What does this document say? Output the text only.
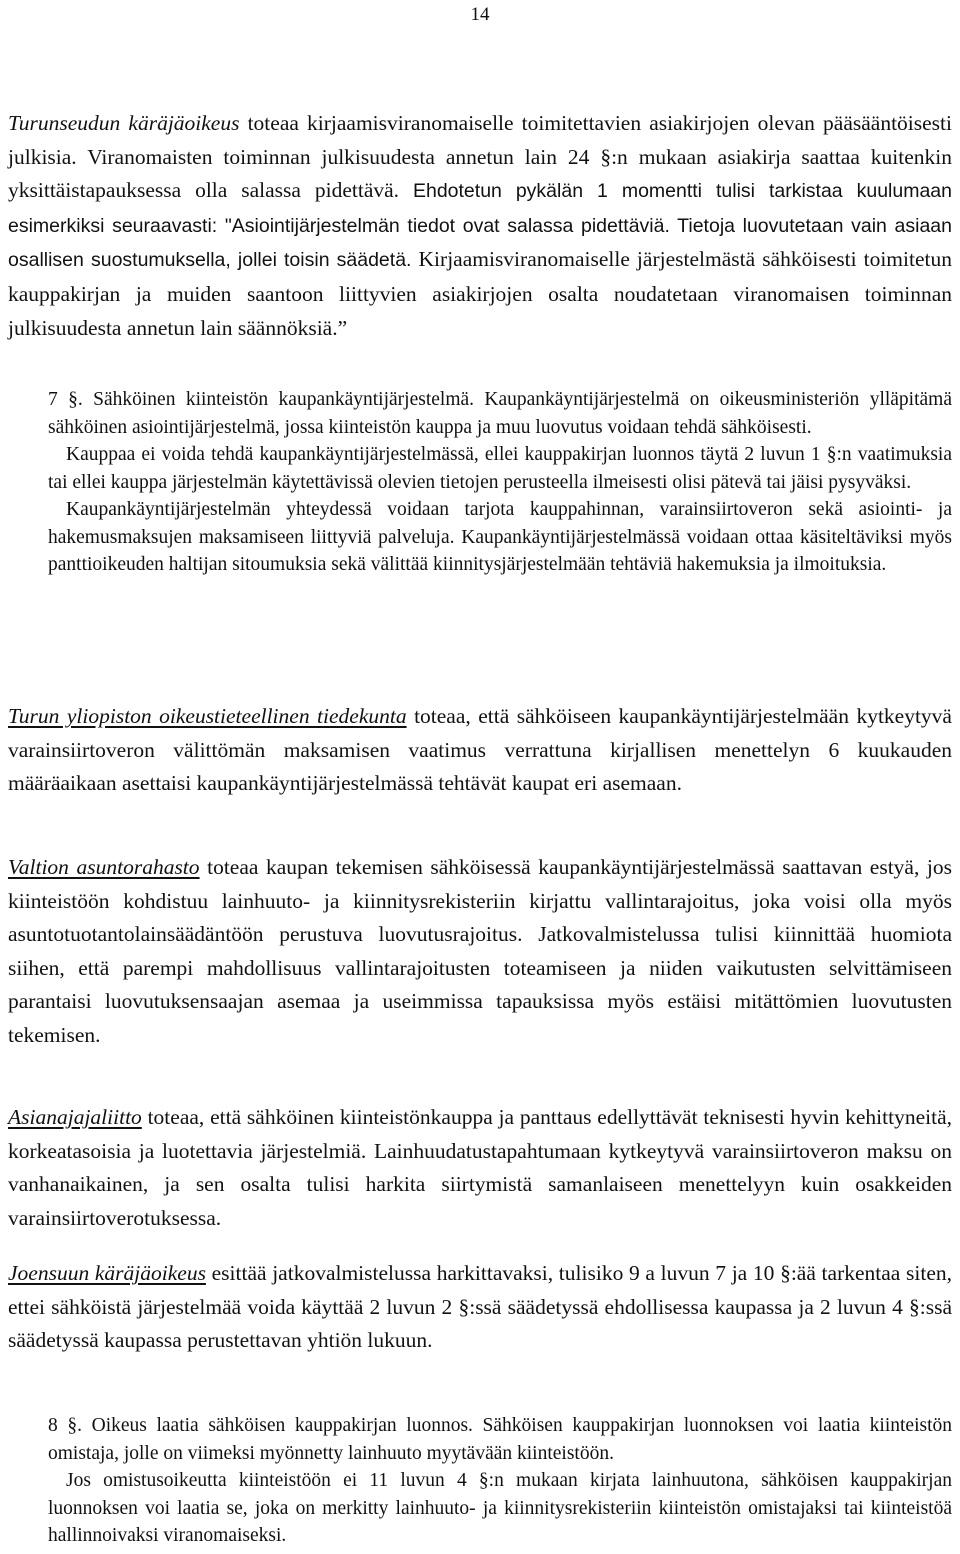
14

Turunseudun käräjäoikeus toteaa kirjaamisviranomaiselle toimitettavien asiakirjojen olevan pääsääntöisesti julkisia. Viranomaisten toiminnan julkisuudesta annetun lain 24 §:n mukaan asiakirja saattaa kuitenkin yksittäistapauksessa olla salassa pidettävä. Ehdotetun pykälän 1 momentti tulisi tarkistaa kuulumaan esimerkiksi seuraavasti: "Asiointijärjestelmän tiedot ovat salassa pidettäviä. Tietoja luovutetaan vain asiaan osallisen suostumuksella, jollei toisin säädetä. Kirjaamisviranomaiselle järjestelmästä sähköisesti toimitetun kauppakirjan ja muiden saantoon liittyvien asiakirjojen osalta noudatetaan viranomaisen toiminnan julkisuudesta annetun lain säännöksiä.”

7 §. Sähköinen kiinteistön kaupankäyntijärjestelmä. Kaupankäyntijärjestelmä on oikeusministeriön ylläpitämä sähköinen asiointijärjestelmä, jossa kiinteistön kauppa ja muu luovutus voidaan tehdä sähköisesti.

Kauppaa ei voida tehdä kaupankäyntijärjestelmässä, ellei kauppakirjan luonnos täytä 2 luvun 1 §:n vaatimuksia tai ellei kauppa järjestelmän käytettävissä olevien tietojen perusteella ilmeisesti olisi pätevä tai jäisi pysyväksi.

Kaupankäyntijärjestelmän yhteydessä voidaan tarjota kauppahinnan, varainsiirtoveron sekä asiointi- ja hakemusmaksujen maksamiseen liittyviä palveluja. Kaupankäyntijärjestelmässä voidaan ottaa käsiteltäviksi myös panttioikeuden haltijan sitoumuksia sekä välittää kiinnitysjärjestelmään tehtäviä hakemuksia ja ilmoituksia.

Turun yliopiston oikeustieteellinen tiedekunta toteaa, että sähköiseen kaupankäyntijärjestelmään kytkeytyvä varainsiirtoveron välittömän maksamisen vaatimus verrattuna kirjallisen menettelyn 6 kuukauden määräaikaan asettaisi kaupankäyntijärjestelmässä tehtävät kaupat eri asemaan.

Valtion asuntorahasto toteaa kaupan tekemisen sähköisessä kaupankäyntijärjestelmässä saattavan estyä, jos kiinteistöön kohdistuu lainhuuto- ja kiinnitysrekisteriin kirjattu vallintarajoitus, joka voisi olla myös asuntotuotantolainsäädäntöön perustuva luovutusrajoitus. Jatkovalmistelussa tulisi kiinnittää huomiota siihen, että parempi mahdollisuus vallintarajoitusten toteamiseen ja niiden vaikutusten selvittämiseen parantaisi luovutuksensaajan asemaa ja useimmissa tapauksissa myös estäisi mitättömien luovutusten tekemisen.

Asianajajaliitto toteaa, että sähköinen kiinteistönkauppa ja panttaus edellyttävät teknisesti hyvin kehittyneitä, korkeatasoisia ja luotettavia järjestelmiä. Lainhuudatustapahtumaan kytkeytyvä varainsiirtoveron maksu on vanhanaikainen, ja sen osalta tulisi harkita siirtymistä samanlaiseen menettelyyn kuin osakkeiden varainsiirtoverotuksessa.

Joensuun käräjäoikeus esittää jatkovalmistelussa harkittavaksi, tulisiko 9 a luvun 7 ja 10 §:ää tarkentaa siten, ettei sähköistä järjestelmää voida käyttää 2 luvun 2 §:ssä säädetyssä ehdollisessa kaupassa ja 2 luvun 4 §:ssä säädetyssä kaupassa perustettavan yhtiön lukuun.

8 §. Oikeus laatia sähköisen kauppakirjan luonnos. Sähköisen kauppakirjan luonnoksen voi laatia kiinteistön omistaja, jolle on viimeksi myönnetty lainhuuto myytävään kiinteistöön.

Jos omistusoikeutta kiinteistöön ei 11 luvun 4 §:n mukaan kirjata lainhuutona, sähköisen kauppakirjan luonnoksen voi laatia se, joka on merkitty lainhuuto- ja kiinnitysrekisteriin kiinteistön omistajaksi tai kiinteistöä hallinnoivaksi viranomaiseksi.
